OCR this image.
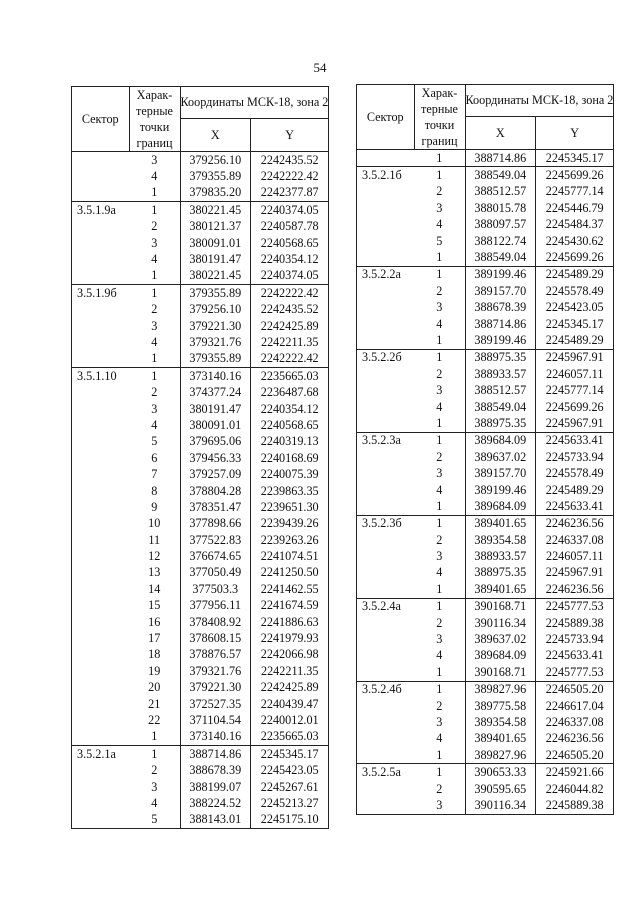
54
Сектор	Харак-терные точки границ	Координаты МСК-18, зона 2	
		X	Y
	3	379256.10	2242435.52
	4	379355.89	2242222.42
	1	379835.20	2242377.87
3.5.1.9а	1	380221.45	2240374.05
	2	380121.37	2240587.78
	3	380091.01	2240568.65
	4	380191.47	2240354.12
	1	380221.45	2240374.05
3.5.1.9б	1	379355.89	2242222.42
	2	379256.10	2242435.52
	3	379221.30	2242425.89
	4	379321.76	2242211.35
	1	379355.89	2242222.42
3.5.1.10	1	373140.16	2235665.03
	2	374377.24	2236487.68
	3	380191.47	2240354.12
	4	380091.01	2240568.65
	5	379695.06	2240319.13
	6	379456.33	2240168.69
	7	379257.09	2240075.39
	8	378804.28	2239863.35
	9	378351.47	2239651.30
	10	377898.66	2239439.26
	11	377522.83	2239263.26
	12	376674.65	2241074.51
	13	377050.49	2241250.50
	14	377503.3	2241462.55
	15	377956.11	2241674.59
	16	378408.92	2241886.63
	17	378608.15	2241979.93
	18	378876.57	2242066.98
	19	379321.76	2242211.35
	20	379221.30	2242425.89
	21	372527.35	2240439.47
	22	371104.54	2240012.01
	1	373140.16	2235665.03
3.5.2.1а	1	388714.86	2245345.17
	2	388678.39	2245423.05
	3	388199.07	2245267.61
	4	388224.52	2245213.27
	5	388143.01	2245175.10
Сектор	Харак-терные точки границ	Координаты МСК-18, зона 2	
		X	Y
	1	388714.86	2245345.17
3.5.2.1б	1	388549.04	2245699.26
	2	388512.57	2245777.14
	3	388015.78	2245446.79
	4	388097.57	2245484.37
	5	388122.74	2245430.62
	1	388549.04	2245699.26
3.5.2.2а	1	389199.46	2245489.29
	2	389157.70	2245578.49
	3	388678.39	2245423.05
	4	388714.86	2245345.17
	1	389199.46	2245489.29
3.5.2.2б	1	388975.35	2245967.91
	2	388933.57	2246057.11
	3	388512.57	2245777.14
	4	388549.04	2245699.26
	1	388975.35	2245967.91
3.5.2.3а	1	389684.09	2245633.41
	2	389637.02	2245733.94
	3	389157.70	2245578.49
	4	389199.46	2245489.29
	1	389684.09	2245633.41
3.5.2.3б	1	389401.65	2246236.56
	2	389354.58	2246337.08
	3	388933.57	2246057.11
	4	388975.35	2245967.91
	1	389401.65	2246236.56
3.5.2.4а	1	390168.71	2245777.53
	2	390116.34	2245889.38
	3	389637.02	2245733.94
	4	389684.09	2245633.41
	1	390168.71	2245777.53
3.5.2.4б	1	389827.96	2246505.20
	2	389775.58	2246617.04
	3	389354.58	2246337.08
	4	389401.65	2246236.56
	1	389827.96	2246505.20
3.5.2.5а	1	390653.33	2245921.66
	2	390595.65	2246044.82
	3	390116.34	2245889.38
